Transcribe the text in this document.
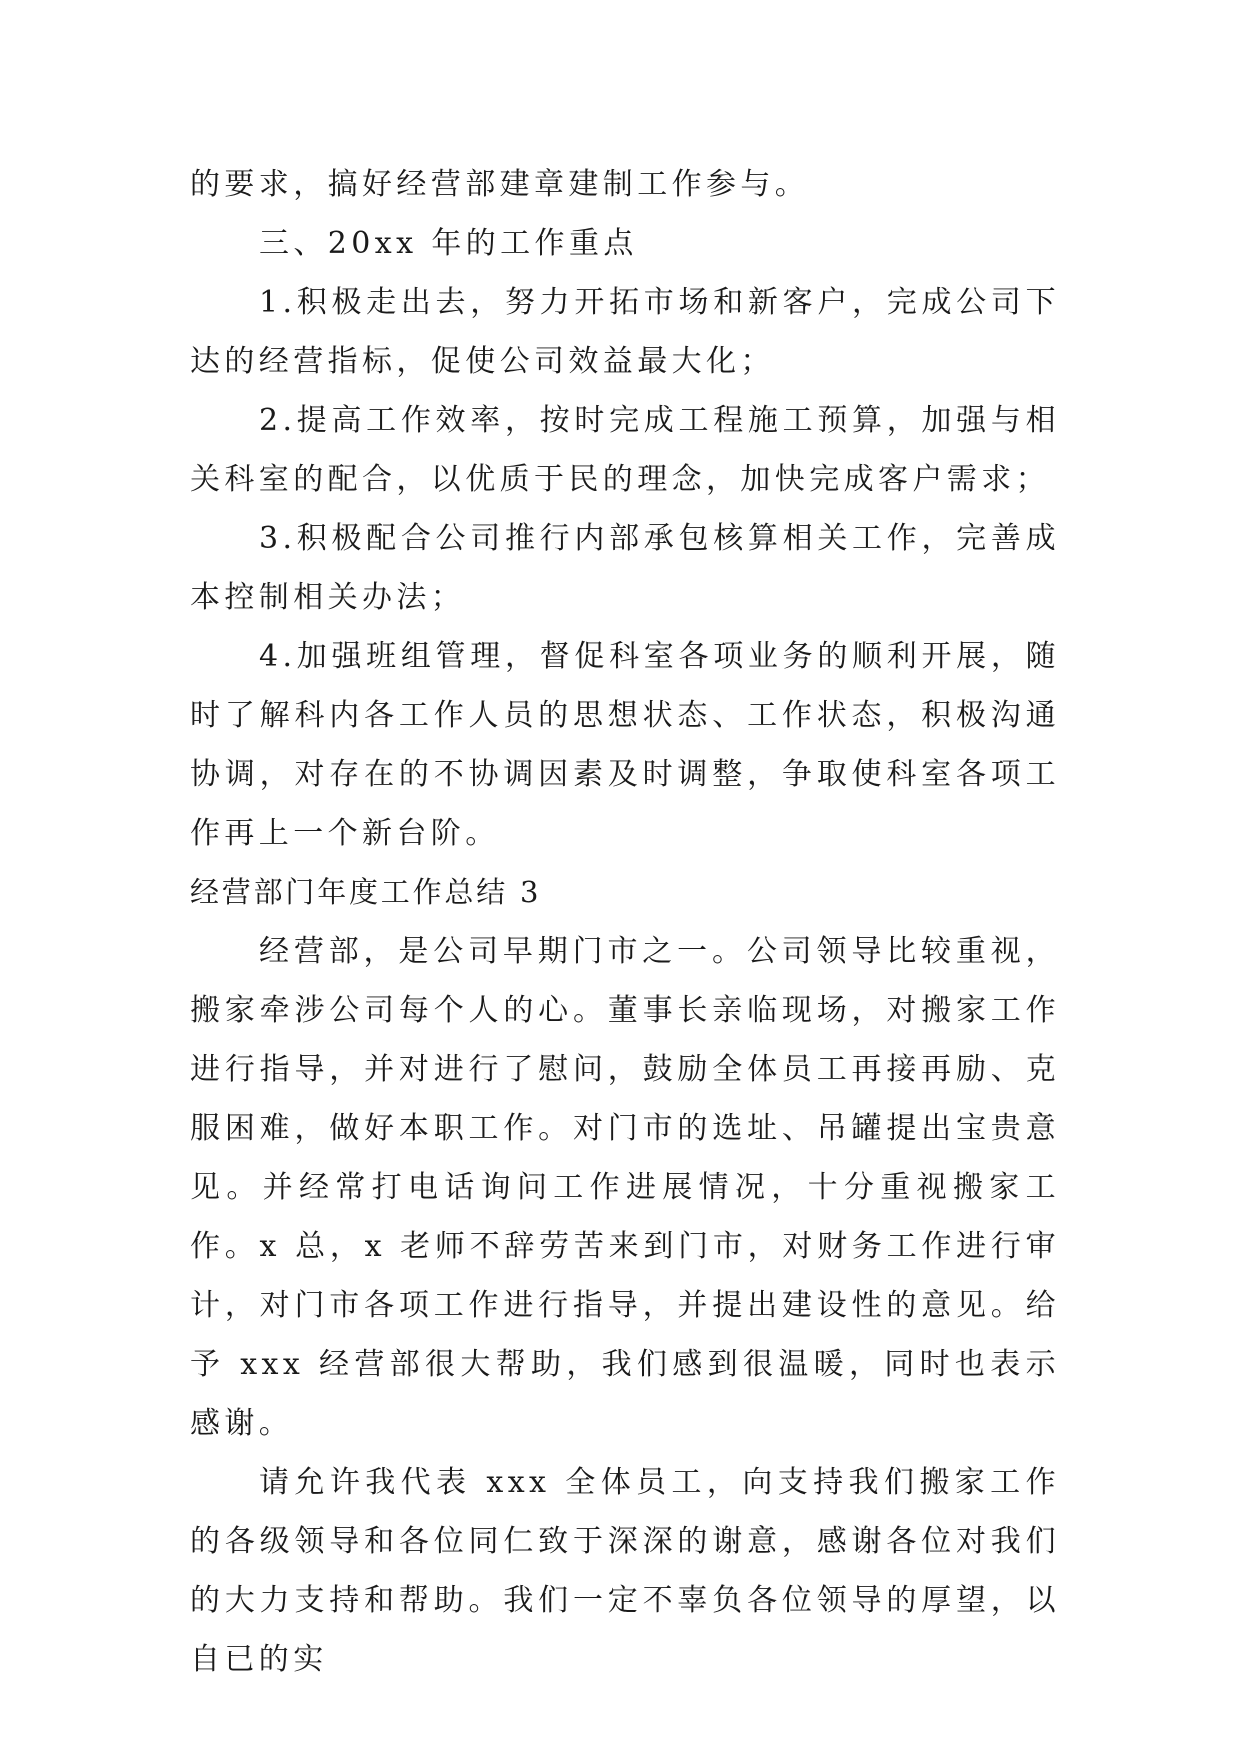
的要求，搞好经营部建章建制工作参与。

三、20xx 年的工作重点

1.积极走出去，努力开拓市场和新客户，完成公司下达的经营指标，促使公司效益最大化；

2.提高工作效率，按时完成工程施工预算，加强与相关科室的配合，以优质于民的理念，加快完成客户需求；

3.积极配合公司推行内部承包核算相关工作，完善成本控制相关办法；

4.加强班组管理，督促科室各项业务的顺利开展，随时了解科内各工作人员的思想状态、工作状态，积极沟通协调，对存在的不协调因素及时调整，争取使科室各项工作再上一个新台阶。

经营部门年度工作总结 3

经营部，是公司早期门市之一。公司领导比较重视，搬家牵涉公司每个人的心。董事长亲临现场，对搬家工作进行指导，并对进行了慰问，鼓励全体员工再接再励、克服困难，做好本职工作。对门市的选址、吊罐提出宝贵意见。并经常打电话询问工作进展情况，十分重视搬家工作。x 总，x 老师不辞劳苦来到门市，对财务工作进行审计，对门市各项工作进行指导，并提出建设性的意见。给予 xxx 经营部很大帮助，我们感到很温暖，同时也表示感谢。

请允许我代表 xxx 全体员工，向支持我们搬家工作的各级领导和各位同仁致于深深的谢意，感谢各位对我们的大力支持和帮助。我们一定不辜负各位领导的厚望，以自已的实
